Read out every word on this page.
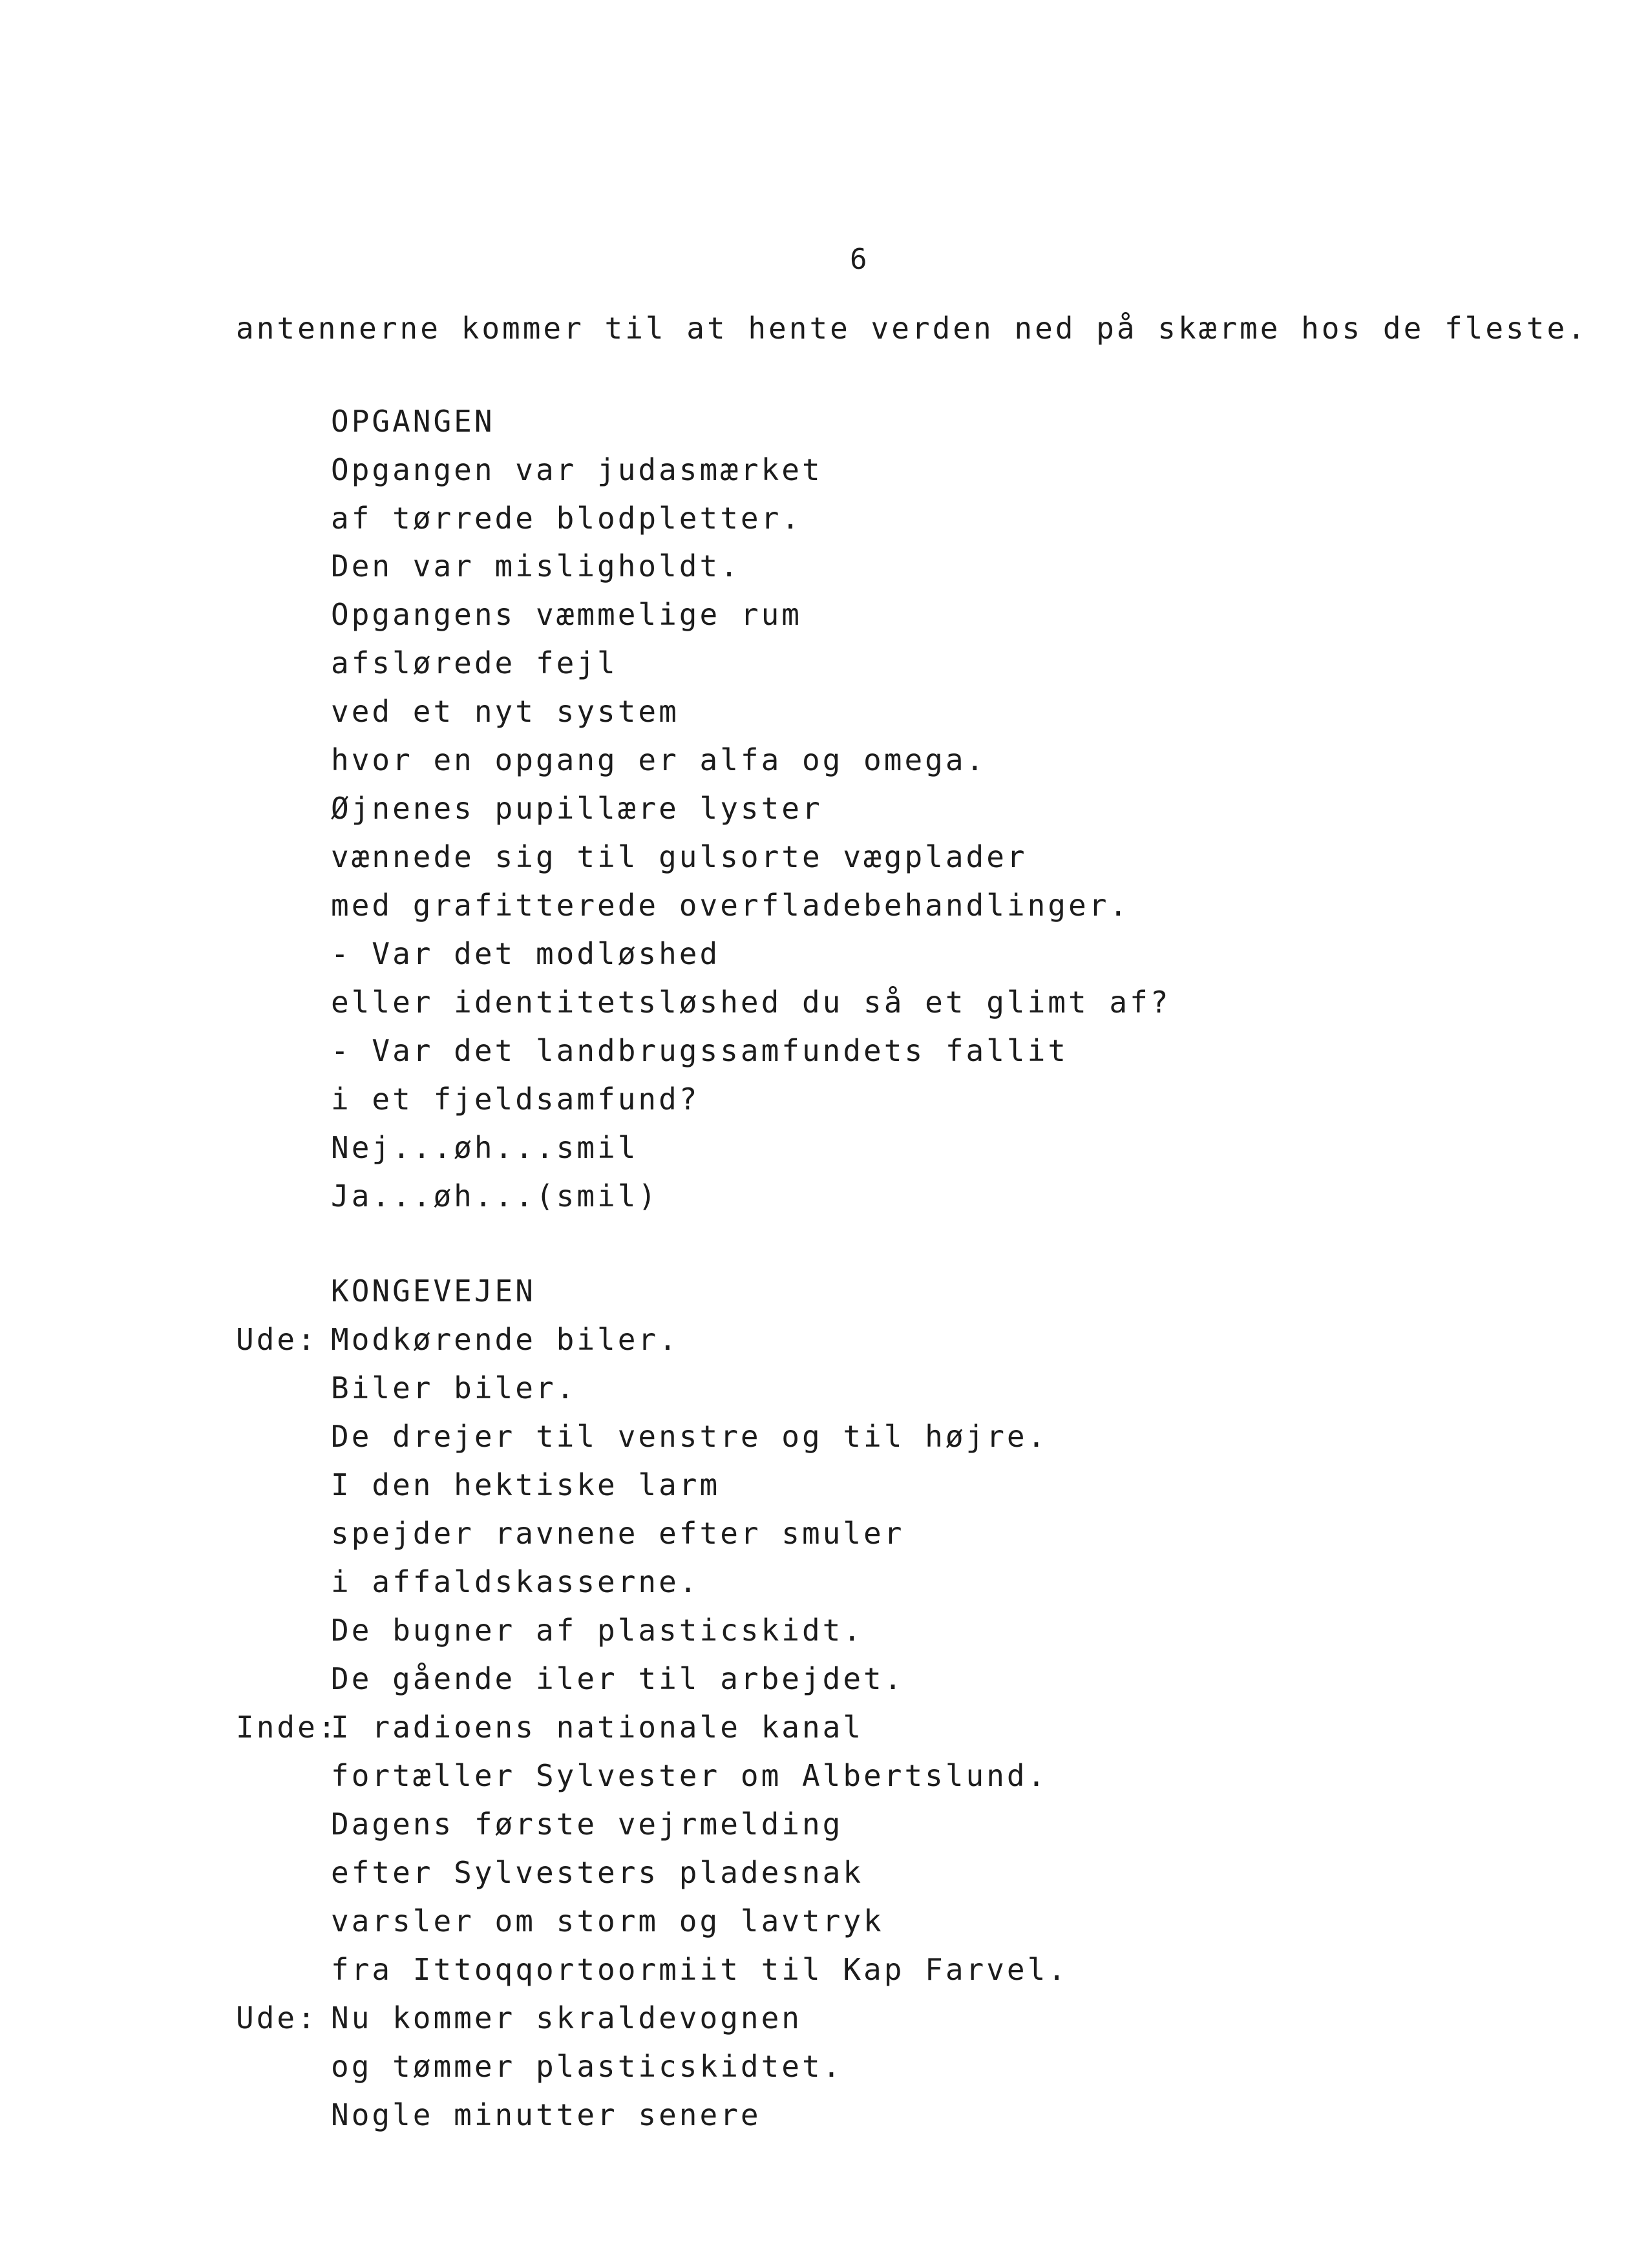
6
antennerne kommer til at hente verden ned på skærme hos de fleste.
OPGANGEN
Opgangen var judasmærket
af tørrede blodpletter.
Den var misligholdt.
Opgangens væmmelige rum
afslørede fejl
ved et nyt system
hvor en opgang er alfa og omega.
Øjnenes pupillære lyster
vænnede sig til gulsorte vægplader
med grafitterede overfladebehandlinger.
- Var det modløshed
eller identitetsløshed du så et glimt af?
- Var det landbrugssamfundets fallit
i et fjeldsamfund?
Nej...øh...smil
Ja...øh...(smil)
KONGEVEJEN
Ude: Modkørende biler.
Biler biler.
De drejer til venstre og til højre.
I den hektiske larm
spejder ravnene efter smuler
i affaldskasserne.
De bugner af plasticskidt.
De gående iler til arbejdet.
Inde:
I radioens nationale kanal
fortæller Sylvester om Albertslund.
Dagens første vejrmelding
efter Sylvesters pladesnak
varsler om storm og lavtryk
fra Ittoqqortoormiit til Kap Farvel.
Ude: Nu kommer skraldevognen
og tømmer plasticskidtet.
Nogle minutter senere
